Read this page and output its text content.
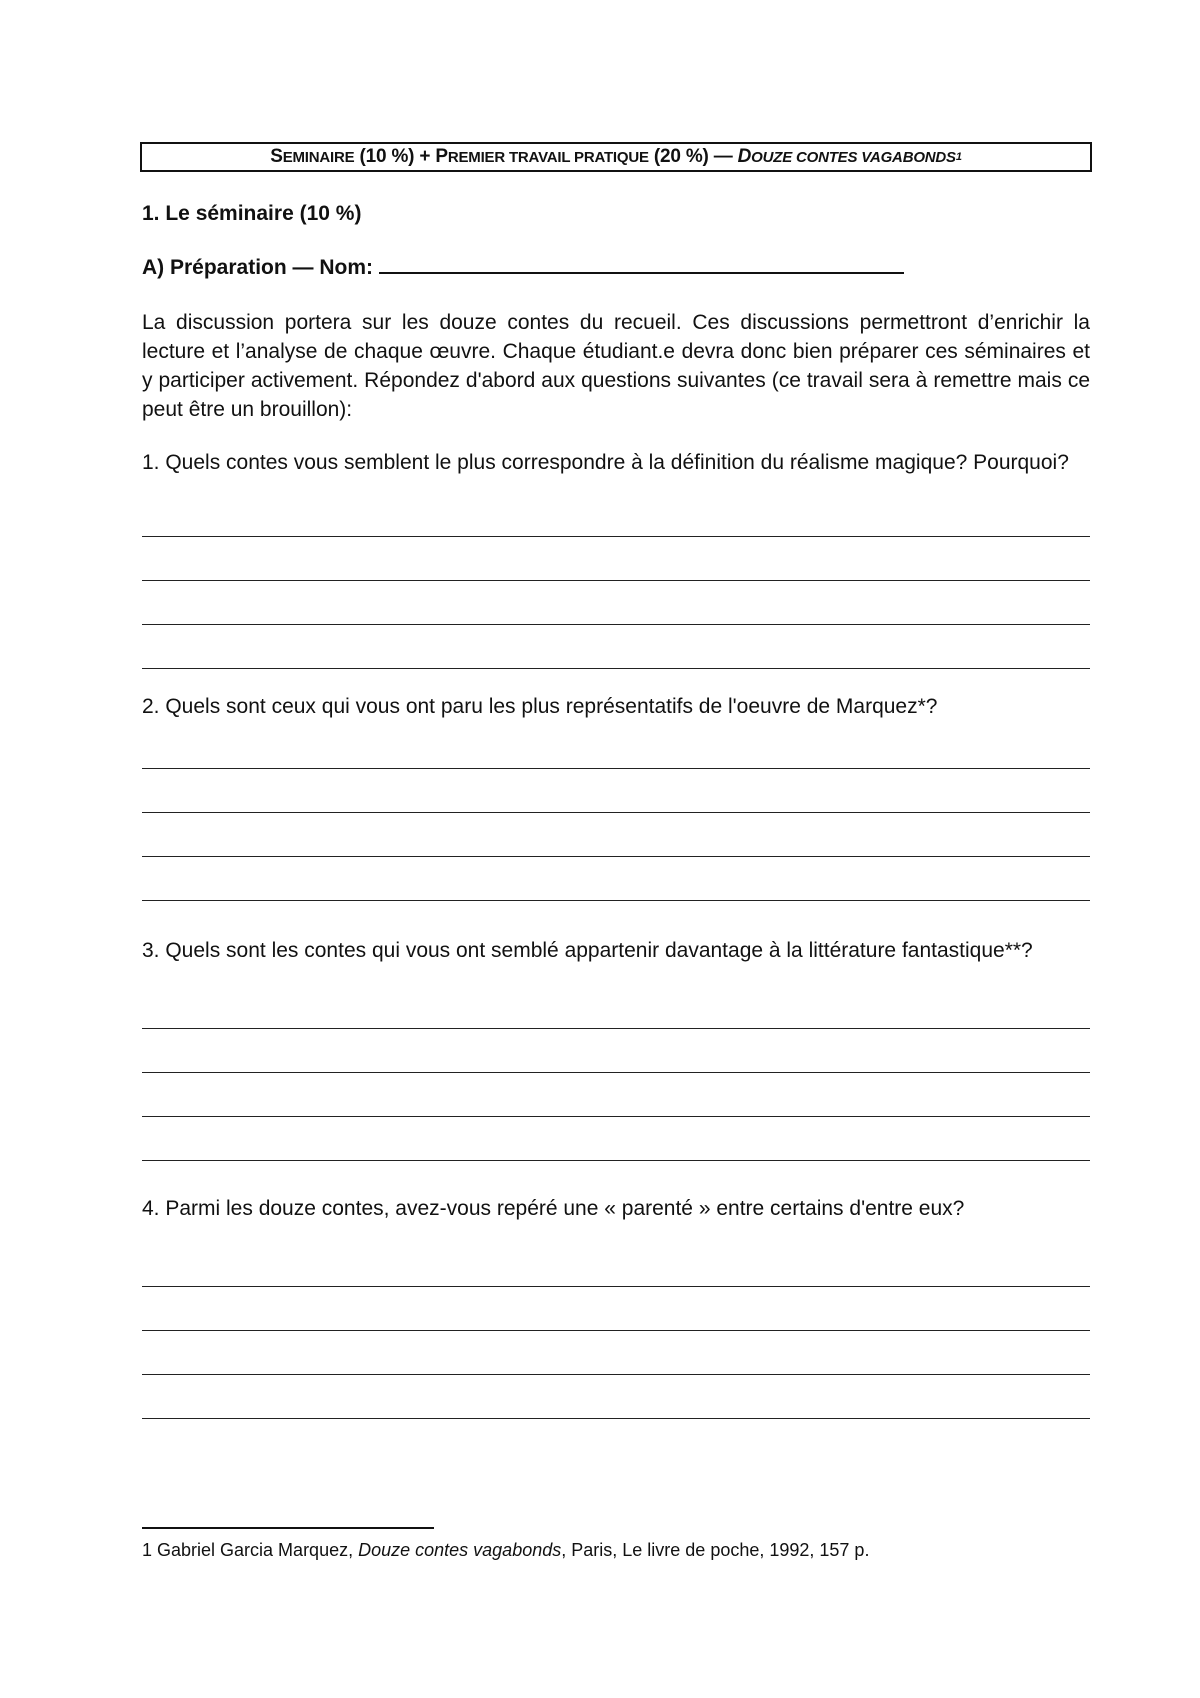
S EMINAIRE (10 %) + P REMIER TRAVAIL PRATIQUE (20 %) — D OUZE CONTES VAGABONDS 1
1. Le séminaire (10 %)
A) Préparation — Nom:

La discussion portera sur les douze contes du recueil. Ces discussions permettront d’enrichir la lecture et l’analyse de chaque œuvre. Chaque étudiant.e devra donc bien préparer ces séminaires et y participer activement. Répondez d'abord aux questions suivantes (ce travail sera à remettre mais ce peut être un brouillon):

1. Quels contes vous semblent le plus correspondre à la définition du réalisme magique? Pourquoi?

2. Quels sont ceux qui vous ont paru les plus représentatifs de l'oeuvre de Marquez*?

3. Quels sont les contes qui vous ont semblé appartenir davantage à la littérature fantastique**?

4. Parmi les douze contes, avez-vous repéré une « parenté » entre certains d'entre eux?

1 Gabriel Garcia Marquez, Douze contes vagabonds, Paris, Le livre de poche, 1992, 157 p.
